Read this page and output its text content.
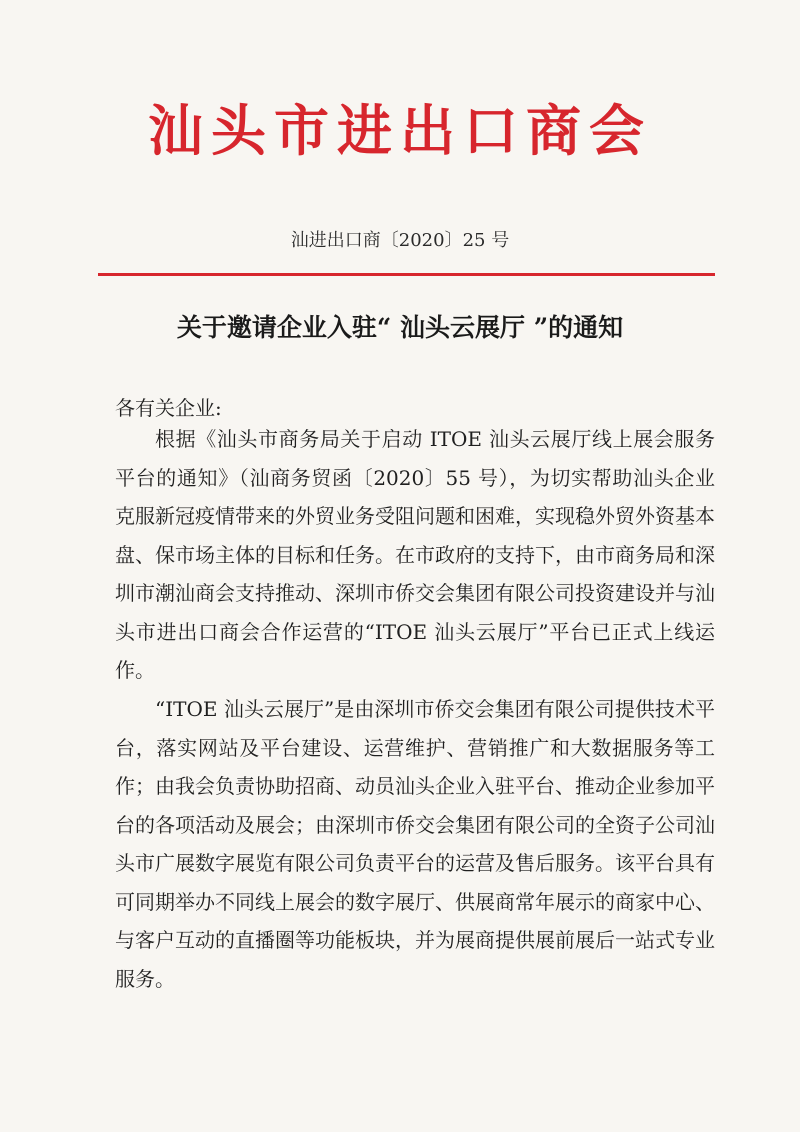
汕头市进出口商会
汕进出口商〔2020〕25 号
关于邀请企业入驻“ 汕头云展厅 ”的通知
各有关企业:

根据《汕头市商务局关于启动 ITOE 汕头云展厅线上展会服务平台的通知》（汕商务贸函〔2020〕55 号），为切实帮助汕头企业克服新冠疫情带来的外贸业务受阻问题和困难，实现稳外贸外资基本盘、保市场主体的目标和任务。在市政府的支持下，由市商务局和深圳市潮汕商会支持推动、深圳市侨交会集团有限公司投资建设并与汕头市进出口商会合作运营的“ITOE 汕头云展厅”平台已正式上线运作。

“ITOE 汕头云展厅”是由深圳市侨交会集团有限公司提供技术平台，落实网站及平台建设、运营维护、营销推广和大数据服务等工作；由我会负责协助招商、动员汕头企业入驻平台、推动企业参加平台的各项活动及展会；由深圳市侨交会集团有限公司的全资子公司汕头市广展数字展览有限公司负责平台的运营及售后服务。该平台具有可同期举办不同线上展会的数字展厅、供展商常年展示的商家中心、与客户互动的直播圈等功能板块，并为展商提供展前展后一站式专业服务。
